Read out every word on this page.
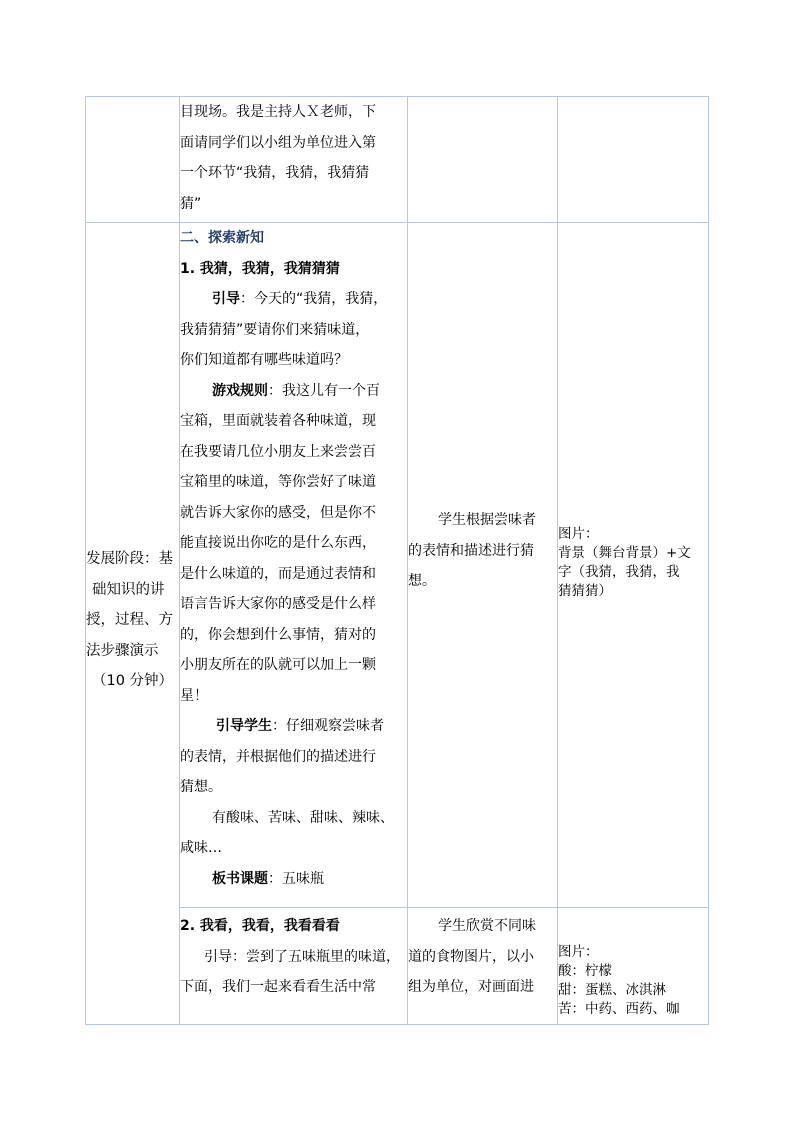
目现场。我是主持人Ｘ老师，下
面请同学们以小组为单位进入第
一个环节“我猜，我猜，我猜猜
猜”
发展阶段：基
础知识的讲
授，过程、方
法步骤演示
（10 分钟）
二、探索新知
1. 我猜，我猜，我猜猜猜
引导：今天的“我猜，我猜，
我猜猜猜”要请你们来猜味道，
你们知道都有哪些味道吗？
游戏规则：我这儿有一个百
宝箱，里面就装着各种味道，现
在我要请几位小朋友上来尝尝百
宝箱里的味道，等你尝好了味道
就告诉大家你的感受，但是你不
能直接说出你吃的是什么东西，
是什么味道的，而是通过表情和
语言告诉大家你的感受是什么样
的，你会想到什么事情，猜对的
小朋友所在的队就可以加上一颗
星！
引导学生：仔细观察尝味者
的表情，并根据他们的描述进行
猜想。
有酸味、苦味、甜味、辣味、
咸味…
板书课题：五味瓶
学生根据尝味者
的表情和描述进行猜
想。
图片：
背景（舞台背景）+文
字（我猜，我猜，我
猜猜猜）
2. 我看，我看，我看看看
引导：尝到了五味瓶里的味道，
下面，我们一起来看看生活中常
学生欣赏不同味
道的食物图片，以小
组为单位，对画面进
图片：
酸：柠檬
甜：蛋糕、冰淇淋
苦：中药、西药、咖
